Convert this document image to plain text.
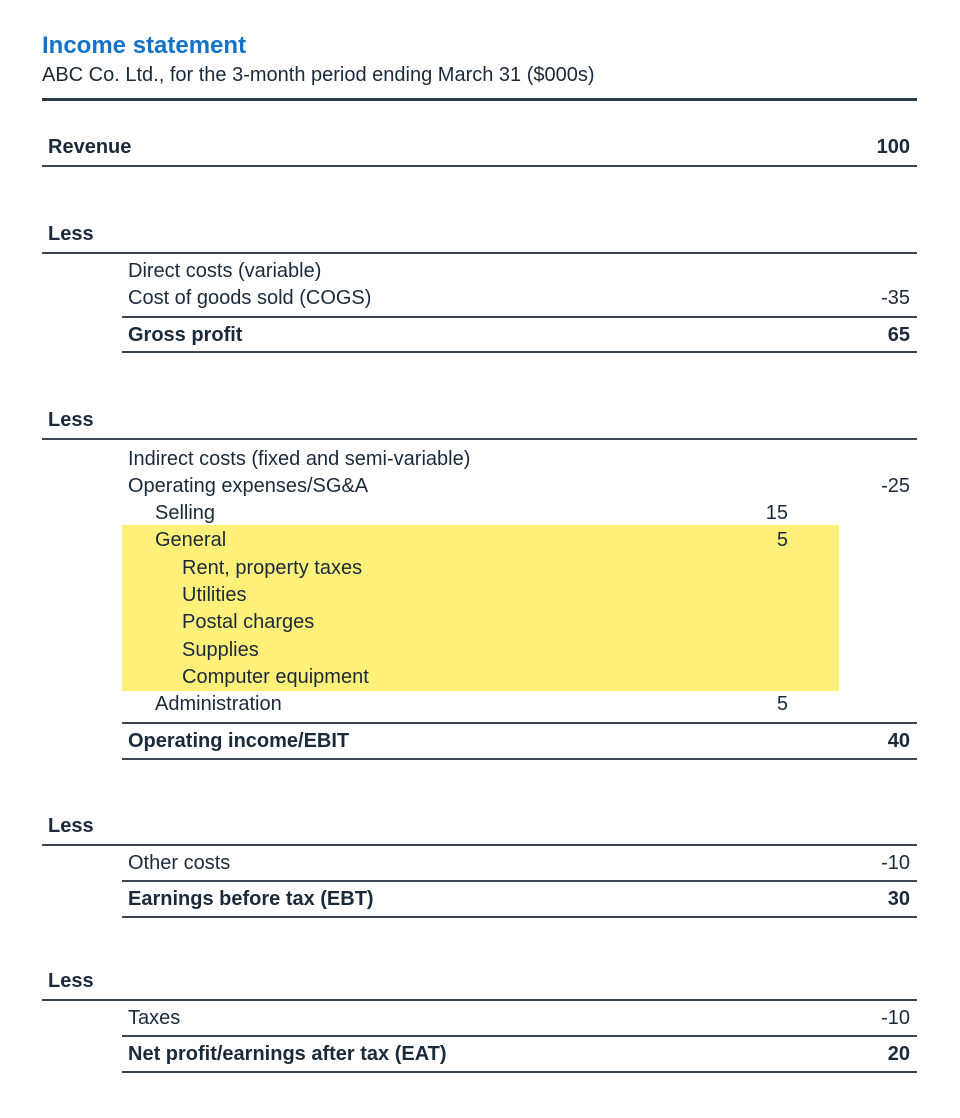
Income statement
ABC Co. Ltd., for the 3-month period ending March 31 ($000s)
Revenue	100
Less
Direct costs (variable)
Cost of goods sold (COGS)	-35
Gross profit	65
Less
Indirect costs (fixed and semi-variable)
Operating expenses/SG&A	-25
Selling	15
General	5
Rent, property taxes
Utilities
Postal charges
Supplies
Computer equipment
Administration	5
Operating income/EBIT	40
Less
Other costs	-10
Earnings before tax (EBT)	30
Less
Taxes	-10
Net profit/earnings after tax (EAT)	20
